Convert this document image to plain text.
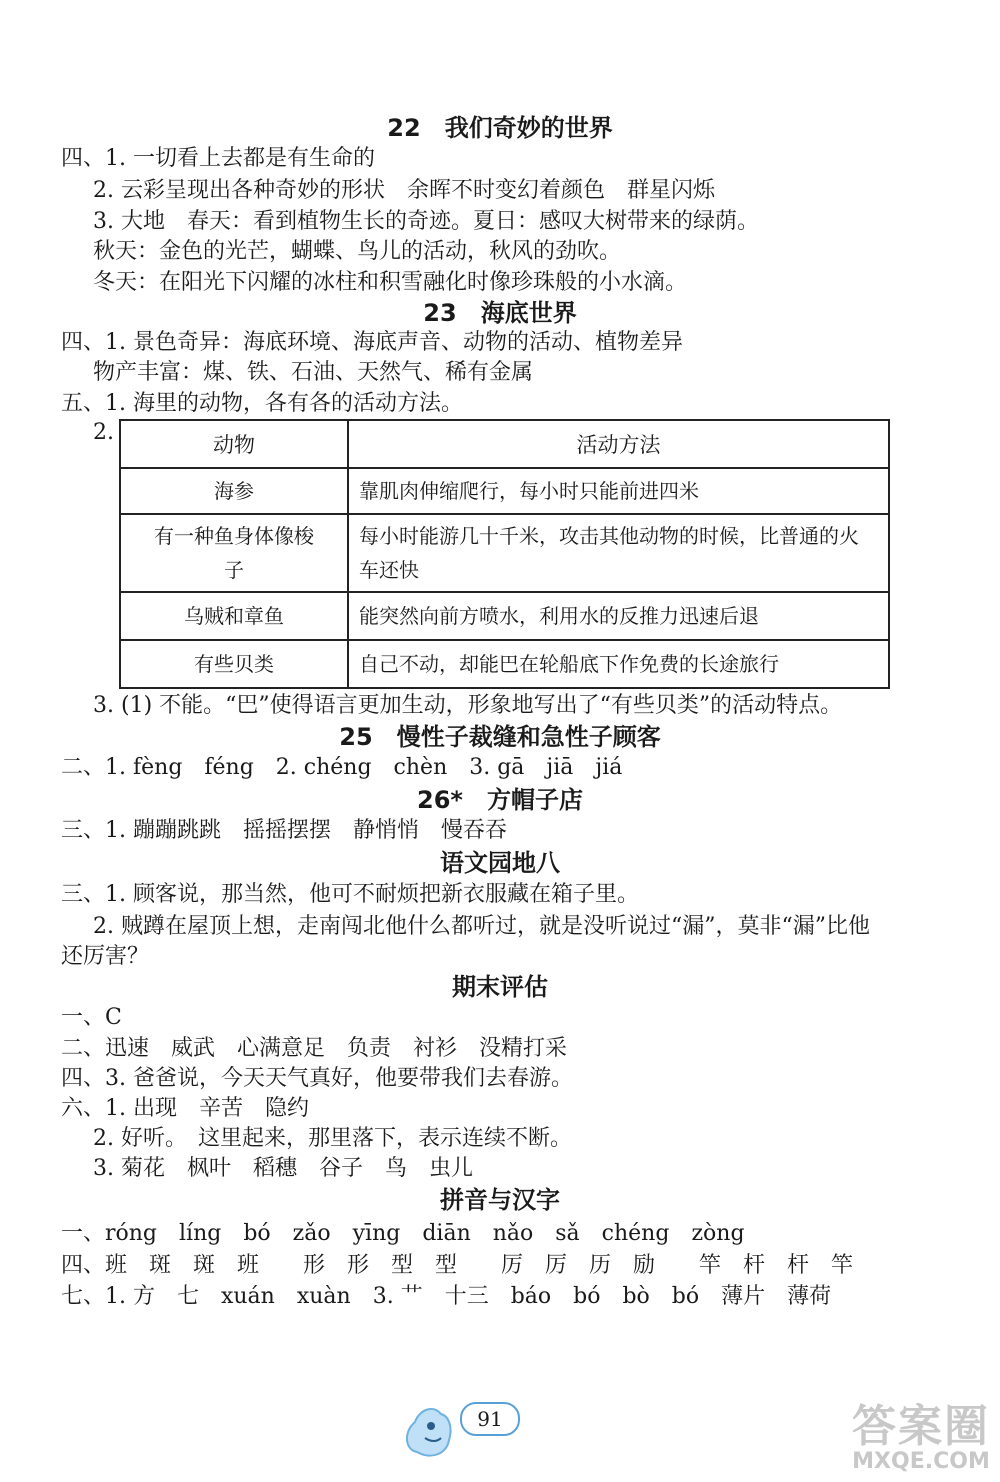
22　我们奇妙的世界
23　海底世界
25　慢性子裁缝和急性子顾客
26*　方帽子店
语文园地八
期末评估
拼音与汉字
四、1. 一切看上去都是有生命的
2. 云彩呈现出各种奇妙的形状　余晖不时变幻着颜色　群星闪烁
3. 大地　春天：看到植物生长的奇迹。夏日：感叹大树带来的绿荫。
秋天：金色的光芒，蝴蝶、鸟儿的活动，秋风的劲吹。
冬天：在阳光下闪耀的冰柱和积雪融化时像珍珠般的小水滴。
四、1. 景色奇异：海底环境、海底声音、动物的活动、植物差异
物产丰富：煤、铁、石油、天然气、稀有金属
五、1. 海里的动物，各有各的活动方法。
2.	动物	活动方法
海参	靠肌肉伸缩爬行，每小时只能前进四米
有一种鱼身体像梭子	每小时能游几十千米，攻击其他动物的时候，比普通的火车还快
乌贼和章鱼	能突然向前方喷水，利用水的反推力迅速后退
有些贝类	自己不动，却能巴在轮船底下作免费的长途旅行
3. (1) 不能。“巴”使得语言更加生动，形象地写出了“有些贝类”的活动特点。
二、1. fèng　féng　2. chéng　chèn　3. gā　jiā　jiá
三、1. 蹦蹦跳跳　摇摇摆摆　静悄悄　慢吞吞
三、1. 顾客说，那当然，他可不耐烦把新衣服藏在箱子里。
2. 贼蹲在屋顶上想，走南闯北他什么都听过，就是没听说过“漏”，莫非“漏”比他
还厉害？
一、C
二、迅速　威武　心满意足　负责　衬衫　没精打采
四、3. 爸爸说，今天天气真好，他要带我们去春游。
六、1. 出现　辛苦　隐约
2. 好听。　这里起来，那里落下，表示连续不断。
3. 菊花　枫叶　稻穗　谷子　鸟　虫儿
一、róng　líng　bó　zǎo　yīng　diān　nǎo　sǎ　chéng　zòng
四、班　斑　斑　班　　形　形　型　型　　厉　厉　历　励　　竿　杆　杆　竿
七、1. 方　七　xuán　xuàn　3. 艹　十三　báo　bó　bò　bó　薄片　薄荷
91	答案圈
MXQE.COM
